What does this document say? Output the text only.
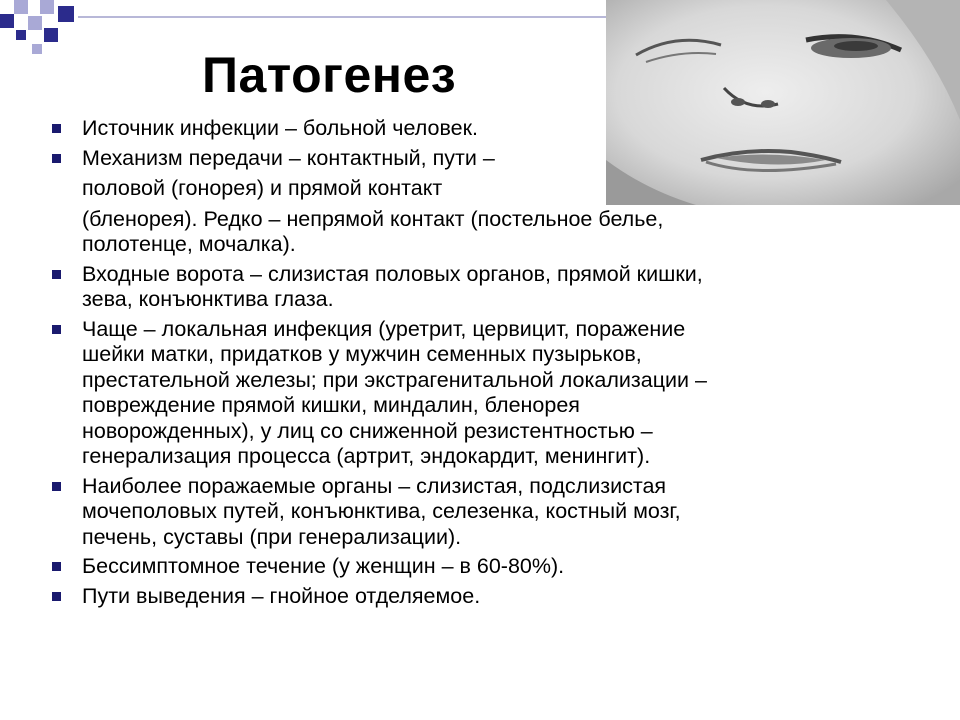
Патогенез
Источник инфекции – больной человек.
Механизм передачи – контактный, пути –
половой (гонорея) и прямой контакт
(бленорея). Редко – непрямой контакт (постельное белье,
полотенце, мочалка).
Входные ворота – слизистая половых органов, прямой кишки,
зева, конъюнктива глаза.
Чаще – локальная инфекция (уретрит, цервицит, поражение
шейки матки, придатков у мужчин семенных пузырьков,
престательной железы; при экстрагенитальной локализации –
повреждение прямой кишки, миндалин, бленорея
новорожденных), у лиц со сниженной резистентностью –
генерализация процесса (артрит, эндокардит, менингит).
Наиболее поражаемые органы – слизистая, подслизистая
мочеполовых путей, конъюнктива, селезенка, костный мозг,
печень, суставы (при генерализации).
Бессимптомное течение (у женщин – в 60-80%).
Пути выведения – гнойное отделяемое.
